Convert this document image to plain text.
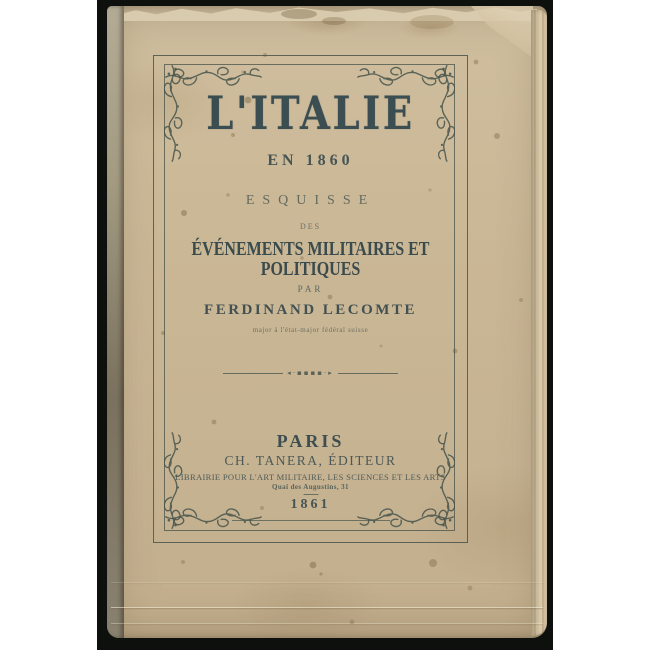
L'ITALIE
EN 1860
ESQUISSE
DES
ÉVÉNEMENTS MILITAIRES ET POLITIQUES
PAR
FERDINAND LECOMTE
major à l'état-major fédéral suisse
◂·▪▪▪▪·▸
PARIS
CH. TANERA, ÉDITEUR
LIBRAIRIE POUR L'ART MILITAIRE, LES SCIENCES ET LES ARTS
Quai des Augustins, 31
1861
